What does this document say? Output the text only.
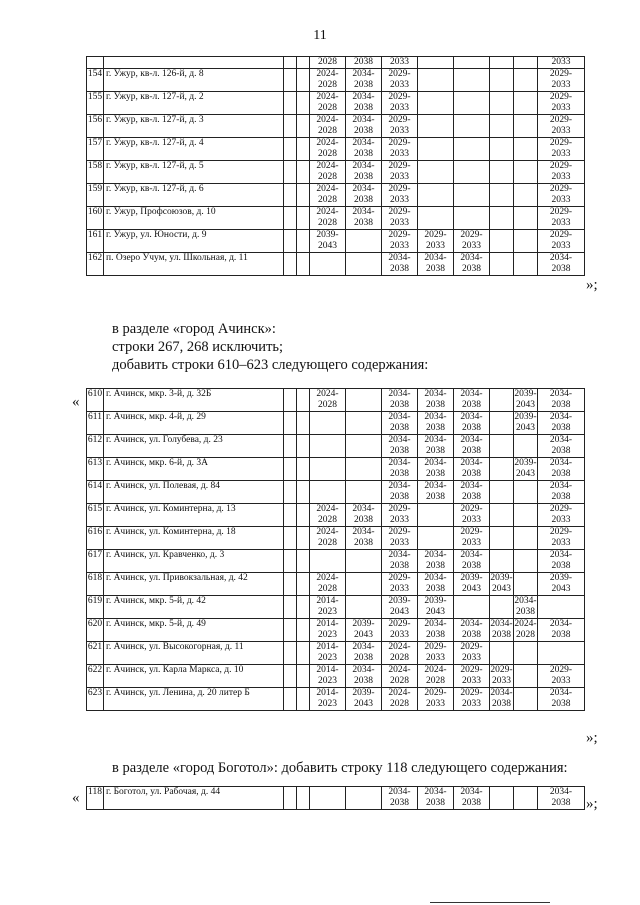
11
				2028	2038	2033					2033
154	г. Ужур, кв-л. 126-й, д. 8			2024-
2028	2034-
2038	2029-
2033					2029-
2033
155	г. Ужур, кв-л. 127-й, д. 2			2024-
2028	2034-
2038	2029-
2033					2029-
2033
156	г. Ужур, кв-л. 127-й, д. 3			2024-
2028	2034-
2038	2029-
2033					2029-
2033
157	г. Ужур, кв-л. 127-й, д. 4			2024-
2028	2034-
2038	2029-
2033					2029-
2033
158	г. Ужур, кв-л. 127-й, д. 5			2024-
2028	2034-
2038	2029-
2033					2029-
2033
159	г. Ужур, кв-л. 127-й, д. 6			2024-
2028	2034-
2038	2029-
2033					2029-
2033
160	г. Ужур, Профсоюзов, д. 10			2024-
2028	2034-
2038	2029-
2033					2029-
2033
161	г. Ужур, ул. Юности, д. 9			2039-
2043		2029-
2033	2029-
2033	2029-
2033			2029-
2033
162	п. Озеро Учум, ул. Школьная, д. 11					2034-
2038	2034-
2038	2034-
2038			2034-
2038
»;
в разделе «город Ачинск»:
строки 267, 268 исключить;
добавить строки 610–623 следующего содержания:
« 610	г. Ачинск, мкр. 3-й, д. 32Б			2024-
2028		2034-
2038	2034-
2038	2034-
2038		2039-
2043	2034-
2038
611	г. Ачинск, мкр. 4-й, д. 29					2034-
2038	2034-
2038	2034-
2038		2039-
2043	2034-
2038
612	г. Ачинск, ул. Голубева, д. 23					2034-
2038	2034-
2038	2034-
2038			2034-
2038
613	г. Ачинск, мкр. 6-й, д. 3А					2034-
2038	2034-
2038	2034-
2038		2039-
2043	2034-
2038
614	г. Ачинск, ул. Полевая, д. 84					2034-
2038	2034-
2038	2034-
2038			2034-
2038
615	г. Ачинск, ул. Коминтерна, д. 13			2024-
2028	2034-
2038	2029-
2033		2029-
2033			2029-
2033
616	г. Ачинск, ул. Коминтерна, д. 18			2024-
2028	2034-
2038	2029-
2033		2029-
2033			2029-
2033
617	г. Ачинск, ул. Кравченко, д. 3					2034-
2038	2034-
2038	2034-
2038			2034-
2038
618	г. Ачинск, ул. Привокзальная, д. 42			2024-
2028		2029-
2033	2034-
2038	2039-
2043	2039-
2043		2039-
2043
619	г. Ачинск, мкр. 5-й, д. 42			2014-
2023		2039-
2043	2039-
2043			2034-
2038	
620	г. Ачинск, мкр. 5-й, д. 49			2014-
2023	2039-
2043	2029-
2033	2034-
2038	2034-
2038	2034-
2038	2024-
2028	2034-
2038
621	г. Ачинск, ул. Высокогорная, д. 11			2014-
2023	2034-
2038	2024-
2028	2029-
2033	2029-
2033			
622	г. Ачинск, ул. Карла Маркса, д. 10			2014-
2023	2034-
2038	2024-
2028	2024-
2028	2029-
2033	2029-
2033		2029-
2033
623	г. Ачинск, ул. Ленина, д. 20 литер Б			2014-
2023	2039-
2043	2024-
2028	2029-
2033	2029-
2033	2034-
2038		2034-
2038
»;
в разделе «город Боготол»: добавить строку 118 следующего содержания:
« 118	г. Боготол, ул. Рабочая, д. 44					2034-
2038	2034-
2038	2034-
2038			2034-
2038 »;
